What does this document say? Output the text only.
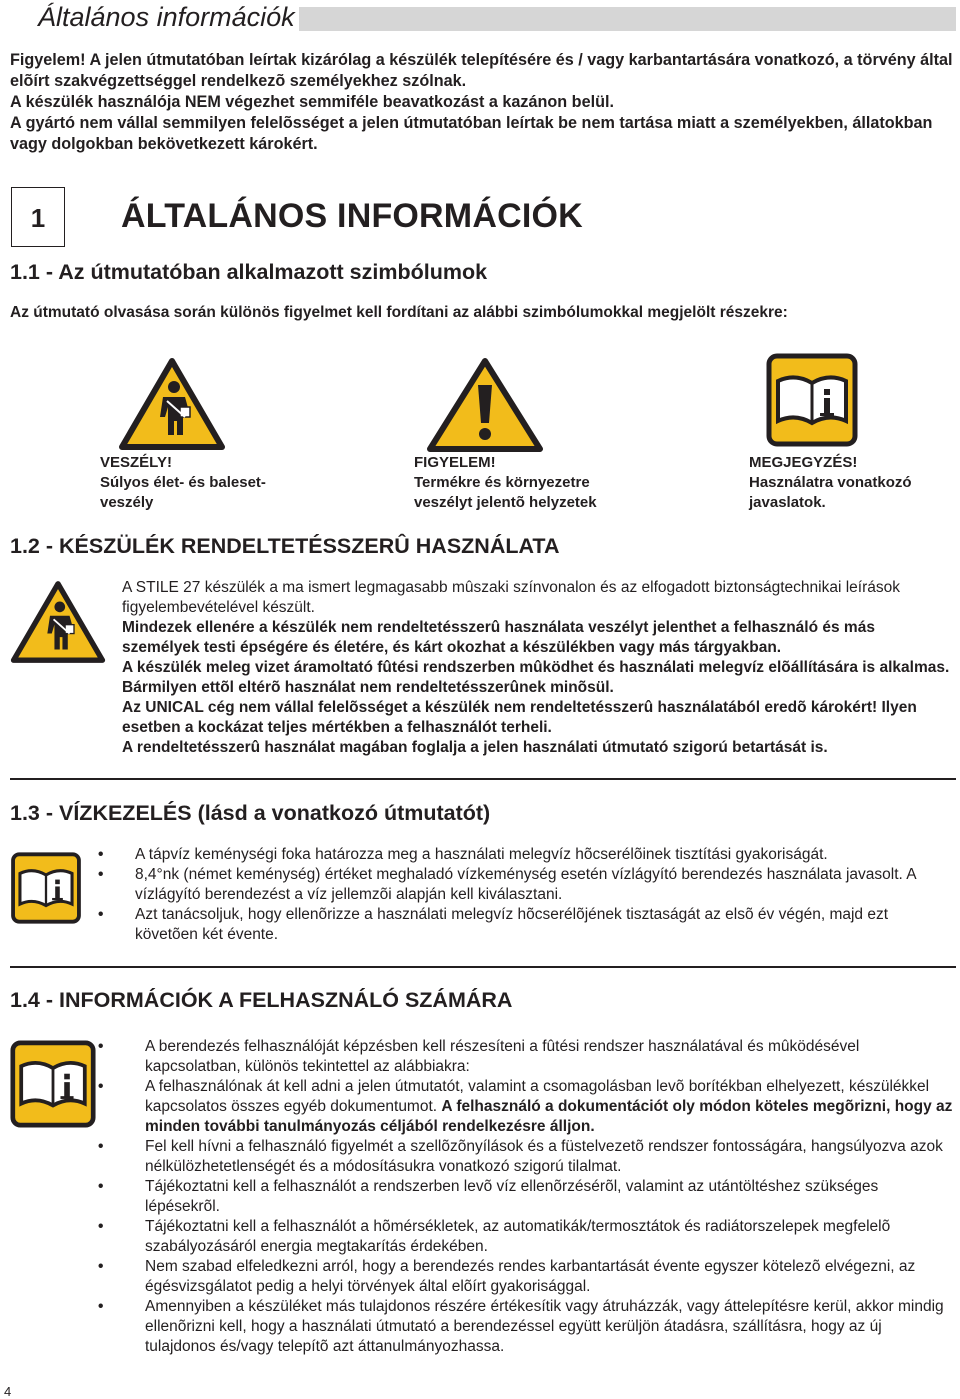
Általános információk

Figyelem! A jelen útmutatóban leírtak kizárólag a készülék telepítésére és / vagy karbantartására vonatkozó, a törvény által elõírt szakvégzettséggel rendelkezõ személyekhez szólnak.

A készülék használója NEM végezhet semmiféle beavatkozást a kazánon belül.

A gyártó nem vállal semmilyen felelõsséget a jelen útmutatóban leírtak be nem tartása miatt a személyekben, állatokban vagy dolgokban bekövetkezett károkért.

1	ÁLTALÁNOS INFORMÁCIÓK
1.1 - Az útmutatóban alkalmazott szimbólumok
Az útmutató olvasása során különös figyelmet kell fordítani az alábbi szimbólumokkal megjelölt részekre:
VESZÉLY!
Súlyos élet- és baleset-
veszély
FIGYELEM!
Termékre és környezetre
veszélyt jelentõ helyzetek
MEGJEGYZÉS!
Használatra vonatkozó
javaslatok.
1.2 - KÉSZÜLÉK RENDELTETÉSSZERÛ HASZNÁLATA

A STILE 27 készülék a ma ismert legmagasabb mûszaki színvonalon és az elfogadott biztonságtechnikai leírások figyelembevételével készült.

Mindezek ellenére a készülék nem rendeltetésszerû használata veszélyt jelenthet a felhasználó és más személyek testi épségére és életére, és kárt okozhat a készülékben vagy más tárgyakban.

A készülék meleg vizet áramoltató fûtési rendszerben mûködhet és használati melegvíz elõállítására is alkalmas. Bármilyen ettõl eltérõ használat nem rendeltetésszerûnek minõsül.

Az UNICAL cég nem vállal felelõsséget a készülék nem rendeltetésszerû használatából eredõ károkért! Ilyen esetben a kockázat teljes mértékben a felhasználót terheli.

A rendeltetésszerû használat magában foglalja a jelen használati útmutató szigorú betartását is.

1.3 - VÍZKEZELÉS (lásd a vonatkozó útmutatót)
• A tápvíz keménységi foka határozza meg a használati melegvíz hõcserélõinek tisztítási gyakoriságát.
• 8,4°nk (német keménység) értéket meghaladó vízkeménység esetén vízlágyító berendezés használata javasolt. A vízlágyító berendezést a víz jellemzõi alapján kell kiválasztani.
• Azt tanácsoljuk, hogy ellenõrizze a használati melegvíz hõcserélõjének tisztaságát az elsõ év végén, majd ezt követõen két évente.
1.4 - INFORMÁCIÓK A FELHASZNÁLÓ SZÁMÁRA
•	A berendezés felhasználóját képzésben kell részesíteni a fûtési rendszer használatával és mûködésével kapcsolatban, különös tekintettel az alábbiakra:
•	A felhasználónak át kell adni a jelen útmutatót, valamint a csomagolásban levõ borítékban elhelyezett, készülékkel kapcsolatos összes egyéb dokumentumot. A felhasználó a dokumentációt oly módon köteles megõrizni, hogy az minden további tanulmányozás céljából rendelkezésre álljon.
•	Fel kell hívni a felhasználó figyelmét a szellõzõnyílások és a füstelvezetõ rendszer fontosságára, hangsúlyozva azok nélkülözhetetlenségét és a módosításukra vonatkozó szigorú tilalmat.
•	Tájékoztatni kell a felhasználót a rendszerben levõ víz ellenõrzésérõl, valamint az utántöltéshez szükséges lépésekrõl.
•	Tájékoztatni kell a felhasználót a hõmérsékletek, az automatikák/termosztátok és radiátorszelepek megfelelõ szabályozásáról energia megtakarítás érdekében.
•	Nem szabad elfeledkezni arról, hogy a berendezés rendes karbantartását évente egyszer kötelezõ elvégezni, az égésvizsgálatot pedig a helyi törvények által elõírt gyakorisággal.
•	Amennyiben a készüléket más tulajdonos részére értékesítik vagy átruházzák, vagy áttelepítésre kerül, akkor mindig ellenõrizni kell, hogy a használati útmutató a berendezéssel együtt kerüljön átadásra, szállításra, hogy az új tulajdonos és/vagy telepítõ azt áttanulmányozhassa.
4
